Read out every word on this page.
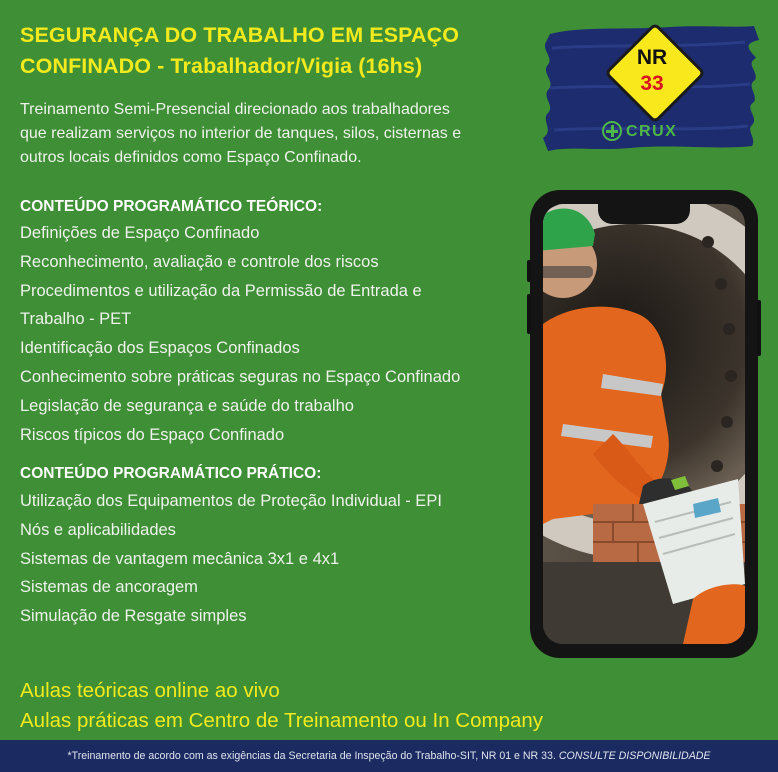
SEGURANÇA DO TRABALHO EM ESPAÇO
CONFINADO - Trabalhador/Vigia (16hs)

Treinamento Semi-Presencial direcionado aos trabalhadores
que realizam serviços no interior de tanques, silos, cisternas e
outros locais definidos como Espaço Confinado.

NR
33
CRUX
CONTEÚDO PROGRAMÁTICO TEÓRICO:
Definições de Espaço Confinado
Reconhecimento, avaliação e controle dos riscos
Procedimentos e utilização da Permissão de Entrada e
Trabalho - PET
Identificação dos Espaços Confinados
Conhecimento sobre práticas seguras no Espaço Confinado
Legislação de segurança e saúde do trabalho
Riscos típicos do Espaço Confinado
CONTEÚDO PROGRAMÁTICO PRÁTICO:
Utilização dos Equipamentos de Proteção Individual - EPI
Nós e aplicabilidades
Sistemas de vantagem mecânica 3x1 e 4x1
Sistemas de ancoragem
Simulação de Resgate simples

Aulas teóricas online ao vivo
Aulas práticas em Centro de Treinamento ou In Company

*Treinamento de acordo com as exigências da Secretaria de Inspeção do Trabalho-SIT, NR 01 e NR 33. CONSULTE DISPONIBILIDADE
